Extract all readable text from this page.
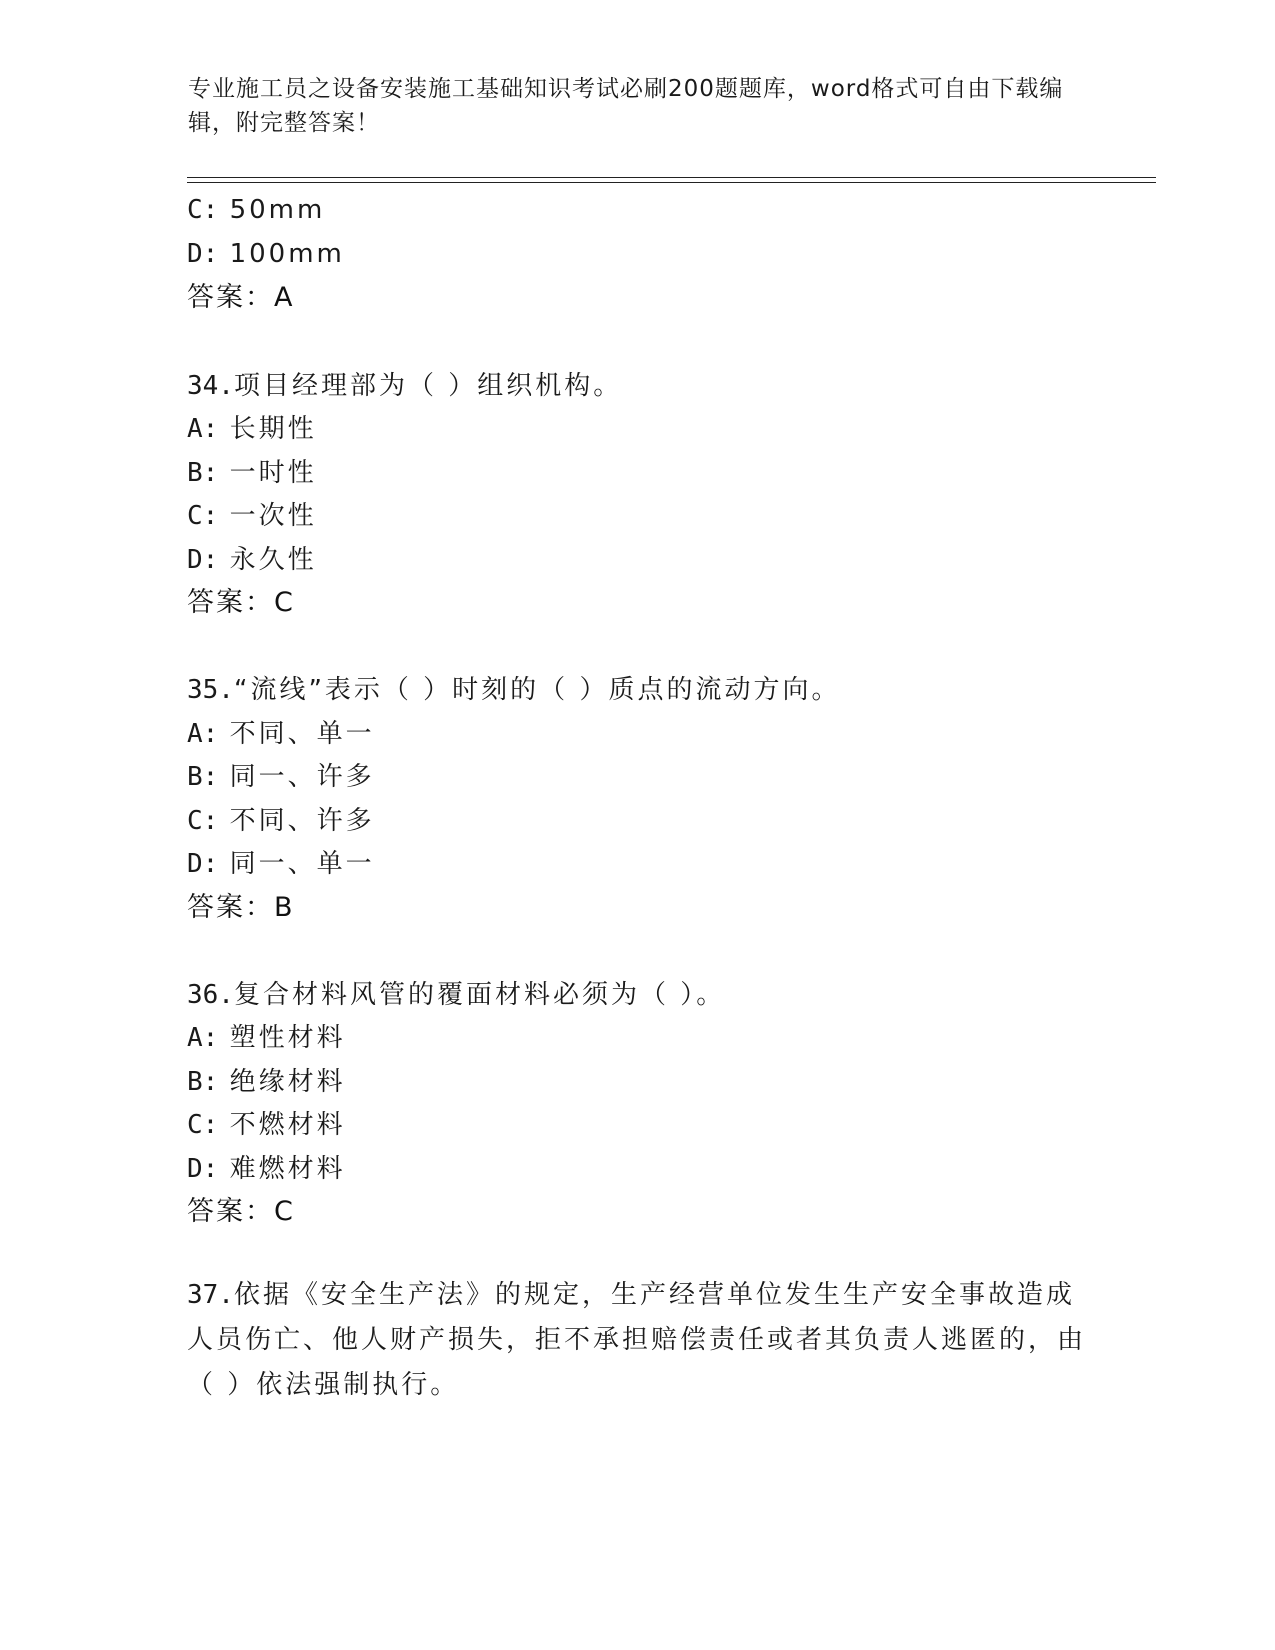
专业施工员之设备安装施工基础知识考试必刷200题题库，word格式可自由下载编辑，附完整答案！
C: 50mm
D: 100mm
答案：A
34.项目经理部为（ ）组织机构。
A: 长期性
B: 一时性
C: 一次性
D: 永久性
答案：C
35.“流线”表示（ ）时刻的（ ）质点的流动方向。
A: 不同、单一
B: 同一、许多
C: 不同、许多
D: 同一、单一
答案：B
36.复合材料风管的覆面材料必须为（ ）。
A: 塑性材料
B: 绝缘材料
C: 不燃材料
D: 难燃材料
答案：C
37.依据《安全生产法》的规定，生产经营单位发生生产安全事故造成人员伤亡、他人财产损失，拒不承担赔偿责任或者其负责人逃匿的，由（ ）依法强制执行。
